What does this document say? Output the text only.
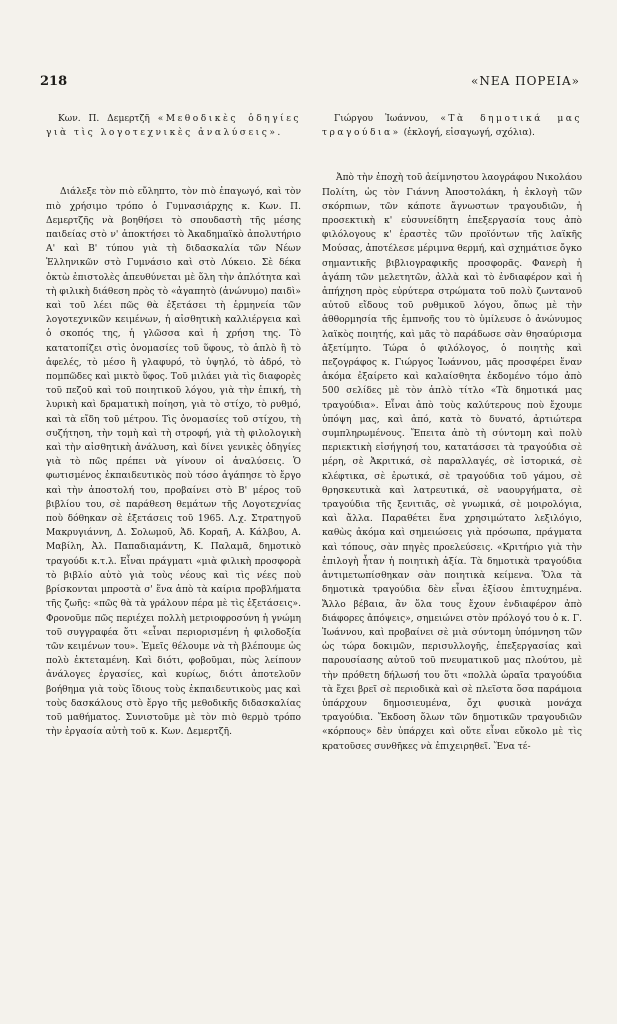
218	«ΝΕΑ ΠΟΡΕΙΑ»

Κων. Π. Δεμερτζῆ «Μεθοδικὲς ὁδηγίες γιὰ τὶς λογοτεχνικὲς ἀναλύσεις».

Διάλεξε τὸν πιὸ εὔληπτο, τὸν πιὸ ἐπαγωγό, καὶ τὸν πιὸ χρήσιμο τρόπο ὁ Γυμνασιάρχης κ. Κων. Π. Δεμερτζῆς νὰ βοηθήσει τὸ σπουδαστὴ τῆς μέσης παιδείας στὸ ν' ἀποκτήσει τὸ Ἀκαδημαϊκὸ ἀπολυτήριο Α' καὶ Β' τύπου γιὰ τὴ διδασκαλία τῶν Νέων Ἑλληνικῶν στὸ Γυμνάσιο καὶ στὸ Λύκειο. Σὲ δέκα ὀκτὼ ἐπιστολὲς ἀπευθύνεται μὲ ὅλη τὴν ἁπλότητα καὶ τὴ φιλικὴ διάθεση πρὸς τὸ «ἀγαπητὸ (ἀνώνυμο) παιδὶ» καὶ τοῦ λέει πῶς θὰ ἐξετάσει τὴ ἑρμηνεία τῶν λογοτεχνικῶν κειμένων, ἡ αἰσθητικὴ καλλιέργεια καὶ ὁ σκοπός της, ἡ γλῶσσα καὶ ἡ χρήση της. Τὸ κατατοπίζει στὶς ὀνομασίες τοῦ ὕφους, τὸ ἁπλὸ ἢ τὸ ἀφελές, τὸ μέσο ἢ γλαφυρό, τὸ ὑψηλό, τὸ ἀδρό, τὸ πομπῶδες καὶ μικτὸ ὕφος. Τοῦ μιλάει γιὰ τὶς διαφορὲς τοῦ πεζοῦ καὶ τοῦ ποιητικοῦ λόγου, γιὰ τὴν ἐπική, τὴ λυρικὴ καὶ δραματικὴ ποίηση, γιὰ τὸ στίχο, τὸ ρυθμό, καὶ τὰ εἴδη τοῦ μέτρου. Τὶς ὀνομασίες τοῦ στίχου, τὴ συζήτηση, τὴν τομὴ καὶ τὴ στροφή, γιὰ τὴ φιλολογικὴ καὶ τὴν αἰσθητικὴ ἀνάλυση, καὶ δίνει γενικὲς ὁδηγίες γιὰ τὸ πῶς πρέπει νὰ γίνουν οἱ ἀναλύσεις. Ὁ φωτισμένος ἐκπαιδευτικὸς ποὺ τόσο ἀγάπησε τὸ ἔργο καὶ τὴν ἀποστολή του, προβαίνει στὸ Β' μέρος τοῦ βιβλίου του, σὲ παράθεση θεμάτων τῆς Λογοτεχνίας ποὺ δόθηκαν σὲ ἐξετάσεις τοῦ 1965. Λ.χ. Στρατηγοῦ Μακρυγιάννη, Δ. Σολωμοῦ, Ἀδ. Κοραῆ, Α. Κάλβου, Α. Μαβίλη, Ἀλ. Παπαδιαμάντη, Κ. Παλαμᾶ, δημοτικὸ τραγούδι κ.τ.λ. Εἶναι πράγματι «μιὰ φιλικὴ προσφορὰ τὸ βιβλίο αὐτὸ γιὰ τοὺς νέους καὶ τὶς νέες ποὺ βρίσκονται μπροστὰ σ' ἕνα ἀπὸ τὰ καίρια προβλήματα τῆς ζωῆς: «πῶς θὰ τὰ γράλουν πέρα μὲ τὶς ἐξετάσεις». Φρονοῦμε πῶς περιέχει πολλὴ μετριοφροσύνη ἡ γνώμη τοῦ συγγραφέα ὅτι «εἶναι περιορισμένη ἡ φιλοδοξία τῶν κειμένων του». Ἐμεῖς θέλουμε νὰ τὴ βλέπουμε ὡς πολὺ ἐκτεταμένη. Καὶ διότι, φοβοῦμαι, πὼς λείπουν ἀνάλογες ἐργασίες, καὶ κυρίως, διότι ἀποτελοῦν βοήθημα γιὰ τοὺς ἴδιους τοὺς ἐκπαιδευτικοὺς μας καὶ τοὺς δασκάλους στὸ ἔργο τῆς μεθοδικῆς διδασκαλίας τοῦ μαθήματος. Συνιστοῦμε μὲ τὸν πιὸ θερμὸ τρόπο τὴν ἐργασία αὐτὴ τοῦ κ. Κων. Δεμερτζῆ.

Γιώργου Ἰωάννου, «Τὰ δημοτικά μας τραγούδια» (ἐκλογή, εἰσαγωγή, σχόλια).

Ἀπὸ τὴν ἐποχὴ τοῦ ἀείμνηστου λαογράφου Νικολάου Πολίτη, ὡς τὸν Γιάννη Ἀποστολάκη, ἡ ἐκλογὴ τῶν σκόρπιων, τῶν κάποτε ἄγνωστων τραγουδιῶν, ἡ προσεκτικὴ κ' εὐσυνείδητη ἐπεξεργασία τους ἀπὸ φιλόλογους κ' ἐραστὲς τῶν προϊόντων τῆς λαϊκῆς Μούσας, ἀποτέλεσε μέριμνα θερμή, καὶ σχημάτισε ὄγκο σημαντικῆς βιβλιογραφικῆς προσφορᾶς. Φανερὴ ἡ ἀγάπη τῶν μελετητῶν, ἀλλὰ καὶ τὸ ἐνδιαφέρον καὶ ἡ ἀπήχηση πρὸς εὐρύτερα στρώματα τοῦ πολὺ ζωντανοῦ αὐτοῦ εἴδους τοῦ ρυθμικοῦ λόγου, ὅπως μὲ τὴν ἀθθορμησία τῆς ἐμπνοῆς του τὸ ὑμίλευσε ὁ ἀνώνυμος λαϊκὸς ποιητής, καὶ μᾶς τὸ παράδωσε σὰν θησαύρισμα ἀξετίμητο. Τώρα ὁ φιλόλογος, ὁ ποιητὴς καὶ πεζογράφος κ. Γιώργος Ἰωάννου, μᾶς προσφέρει ἕναν ἀκόμα ἐξαίρετο καὶ καλαίσθητα ἐκδομένο τόμο ἀπὸ 500 σελίδες μὲ τὸν ἁπλὸ τίτλο «Τὰ δημοτικά μας τραγούδια». Εἶναι ἀπὸ τοὺς καλύτερους ποὺ ἔχουμε ὑπόψη μας, καὶ ἀπό, κατὰ τὸ δυνατό, ἀρτιώτερα συμπληρωμένους. Ἔπειτα ἀπὸ τὴ σύντομη καὶ πολὺ περιεκτικὴ εἰσήγησή του, κατατάσσει τὰ τραγούδια σὲ μέρη, σὲ Ἀκριτικά, σὲ παραλλαγές, σὲ ἱστορικά, σὲ κλέφτικα, σὲ ἐρωτικά, σὲ τραγούδια τοῦ γάμου, σὲ θρησκευτικὰ καὶ λατρευτικά, σὲ ναουργήματα, σὲ τραγούδια τῆς ξενιτιᾶς, σὲ γνωμικά, σὲ μοιρολόγια, καὶ ἄλλα. Παραθέτει ἕνα χρησιμώτατο λεξιλόγιο, καθὼς ἀκόμα καὶ σημειώσεις γιὰ πρόσωπα, πράγματα καὶ τόπους, σὰν πηγὲς προελεύσεις. «Κριτήριο γιὰ τὴν ἐπιλογὴ ἦταν ἡ ποιητικὴ ἀξία. Τὰ δημοτικὰ τραγούδια ἀντιμετωπίσθηκαν σὰν ποιητικὰ κείμενα. Ὅλα τὰ δημοτικὰ τραγούδια δὲν εἶναι ἐξίσου ἐπιτυχημένα. Ἄλλο βέβαια, ἂν ὅλα τους ἔχουν ἐνδιαφέρον ἀπὸ διάφορες ἀπόψεις», σημειώνει στὸν πρόλογό του ὁ κ. Γ. Ἰωάννου, καὶ προβαίνει σὲ μιὰ σύντομη ὑπόμνηση τῶν ὡς τώρα δοκιμῶν, περισυλλογῆς, ἐπεξεργασίας καὶ παρουσίασης αὐτοῦ τοῦ πνευματικοῦ μας πλούτου, μὲ τὴν πρόθετη δήλωσή του ὅτι «πολλὰ ὡραῖα τραγούδια τὰ ἔχει βρεῖ σὲ περιοδικὰ καὶ σὲ πλεῖστα ὅσα παράμοια ὑπάρχουν δημοσιευμένα, ὄχι φυσικὰ μονάχα τραγούδια. Ἔκδοση ὅλων τῶν δημοτικῶν τραγουδιῶν «κόρπους» δὲν ὑπάρχει καὶ οὔτε εἶναι εὔκολο μὲ τὶς κρατοῦσες συνθῆκες νὰ ἐπιχειρηθεῖ. Ἕνα τέ-
